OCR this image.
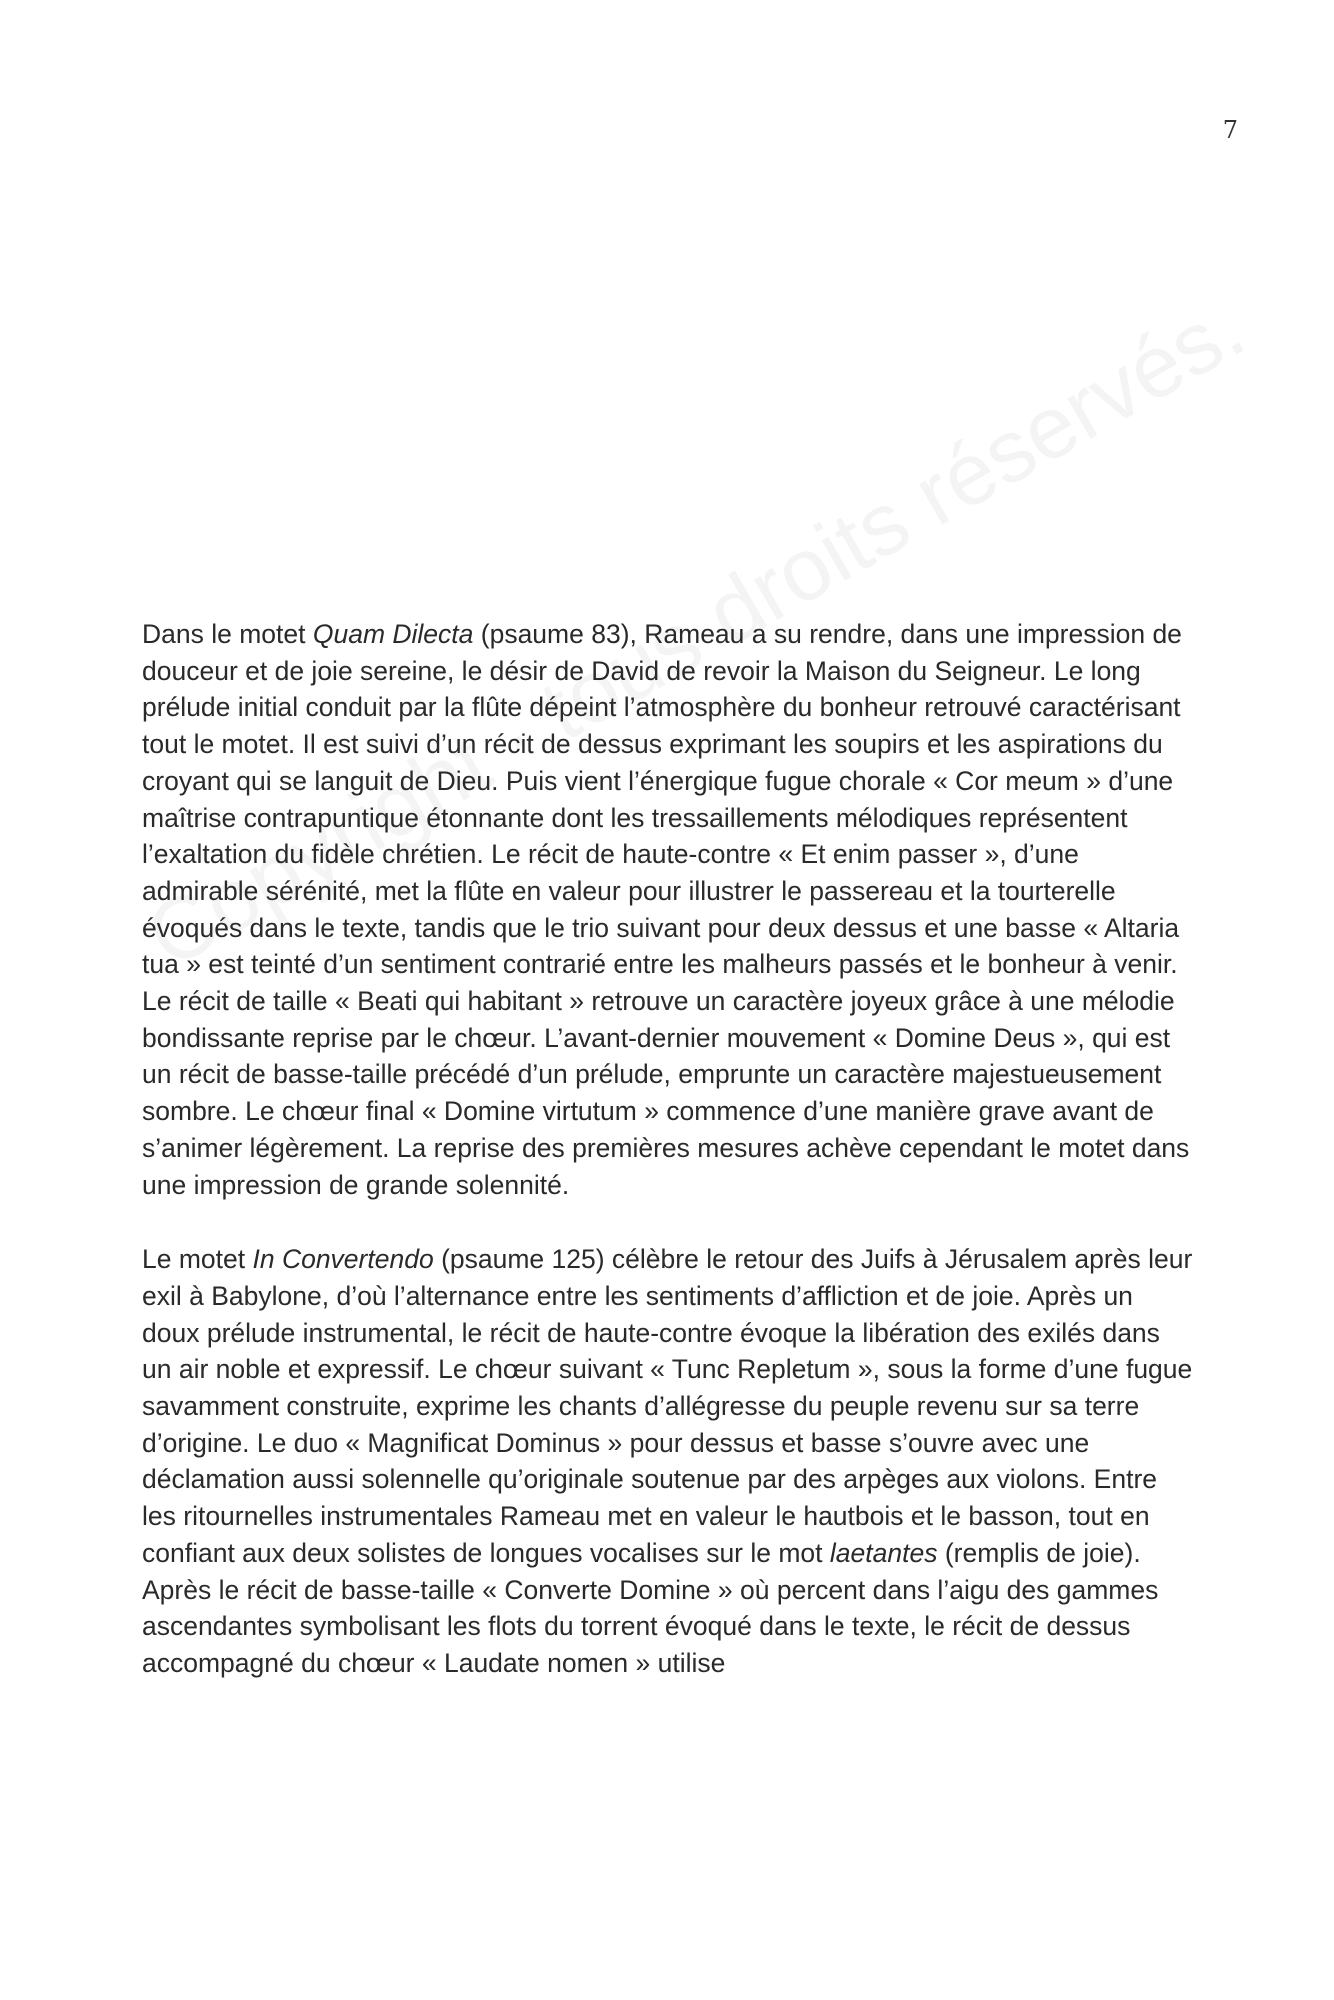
7

Dans le motet Quam Dilecta (psaume 83), Rameau a su rendre, dans une impression de douceur et de joie sereine, le désir de David de revoir la Maison du Seigneur. Le long prélude initial conduit par la flûte dépeint l’atmosphère du bonheur retrouvé caractérisant tout le motet. Il est suivi d’un récit de dessus exprimant les soupirs et les aspirations du croyant qui se languit de Dieu. Puis vient l’énergique fugue chorale « Cor meum » d’une maîtrise contrapuntique étonnante dont les tressaillements mélodiques représentent l’exaltation du fidèle chrétien. Le récit de haute-contre « Et enim passer », d’une admirable sérénité, met la flûte en valeur pour illustrer le passereau et la tourterelle évoqués dans le texte, tandis que le trio suivant pour deux dessus et une basse « Altaria tua » est teinté d’un sentiment contrarié entre les malheurs passés et le bonheur à venir. Le récit de taille « Beati qui habitant » retrouve un caractère joyeux grâce à une mélodie bondissante reprise par le chœur. L’avant-dernier mouvement « Domine Deus », qui est un récit de basse-taille précédé d’un prélude, emprunte un caractère majestueusement sombre. Le chœur final « Domine virtutum » commence d’une manière grave avant de s’animer légèrement. La reprise des premières mesures achève cependant le motet dans une impression de grande solennité.

Le motet In Convertendo (psaume 125) célèbre le retour des Juifs à Jérusalem après leur exil à Babylone, d’où l’alternance entre les sentiments d’affliction et de joie. Après un doux prélude instrumental, le récit de haute-contre évoque la libération des exilés dans un air noble et expressif. Le chœur suivant « Tunc Repletum », sous la forme d’une fugue savamment construite, exprime les chants d’allégresse du peuple revenu sur sa terre d’origine. Le duo « Magnificat Dominus » pour dessus et basse s’ouvre avec une déclamation aussi solennelle qu’originale soutenue par des arpèges aux violons. Entre les ritournelles instrumentales Rameau met en valeur le hautbois et le basson, tout en confiant aux deux solistes de longues vocalises sur le mot laetantes (remplis de joie). Après le récit de basse-taille « Converte Domine » où percent dans l’aigu des gammes ascendantes symbolisant les flots du torrent évoqué dans le texte, le récit de dessus accompagné du chœur « Laudate nomen » utilise
